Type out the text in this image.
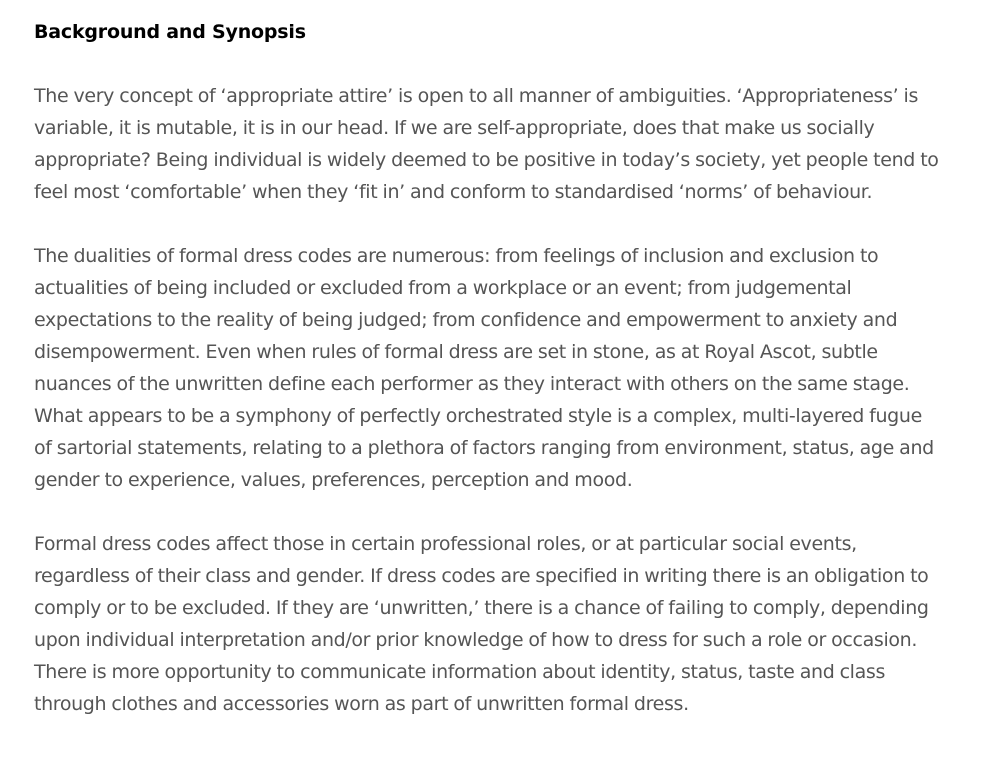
Background and Synopsis

The very concept of ‘appropriate attire’ is open to all manner of ambiguities. ‘Appropriateness’ is variable, it is mutable, it is in our head. If we are self-appropriate, does that make us socially appropriate? Being individual is widely deemed to be positive in today’s society, yet people tend to feel most ‘comfortable’ when they ‘fit in’ and conform to standardised ‘norms’ of behaviour.

The dualities of formal dress codes are numerous: from feelings of inclusion and exclusion to actualities of being included or excluded from a workplace or an event; from judgemental expectations to the reality of being judged; from confidence and empowerment to anxiety and disempowerment. Even when rules of formal dress are set in stone, as at Royal Ascot, subtle nuances of the unwritten define each performer as they interact with others on the same stage. What appears to be a symphony of perfectly orchestrated style is a complex, multi-layered fugue of sartorial statements, relating to a plethora of factors ranging from environment, status, age and gender to experience, values, preferences, perception and mood.

Formal dress codes affect those in certain professional roles, or at particular social events, regardless of their class and gender. If dress codes are specified in writing there is an obligation to comply or to be excluded. If they are ‘unwritten,’ there is a chance of failing to comply, depending upon individual interpretation and/or prior knowledge of how to dress for such a role or occasion. There is more opportunity to communicate information about identity, status, taste and class through clothes and accessories worn as part of unwritten formal dress.
